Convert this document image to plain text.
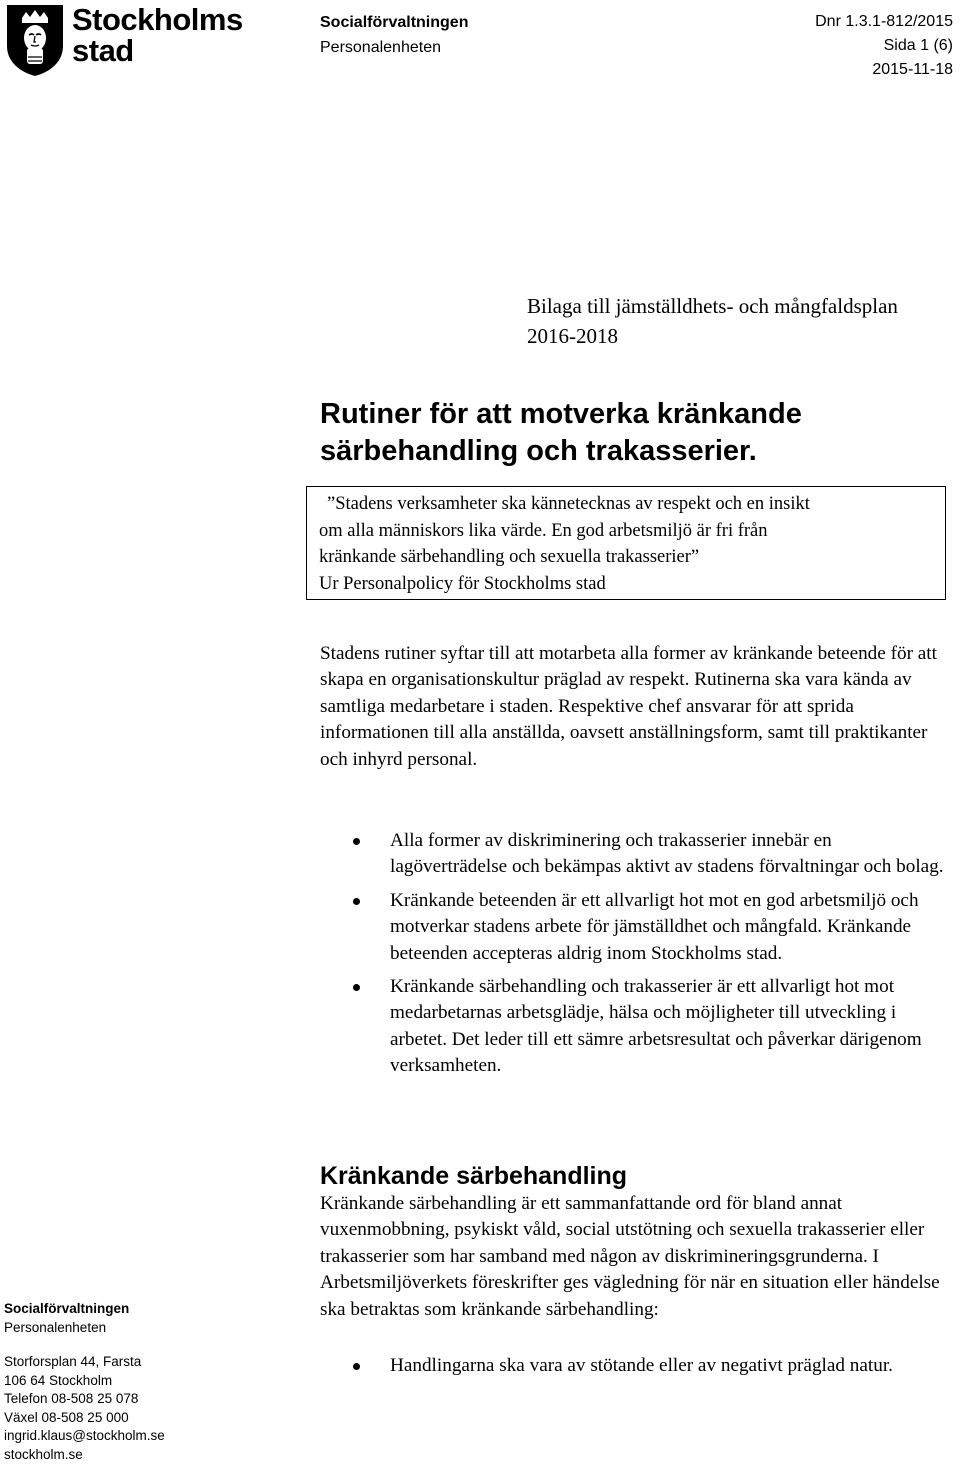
Stockholms
stad
Socialförvaltningen
Personalenheten
Dnr 1.3.1-812/2015
Sida 1 (6)
2015-11-18
Bilaga till jämställdhets- och mångfaldsplan
2016-2018
Rutiner för att motverka kränkande
särbehandling och trakasserier.
”Stadens verksamheter ska kännetecknas av respekt och en insikt
om alla människors lika värde. En god arbetsmiljö är fri från
kränkande särbehandling och sexuella trakasserier”
Ur Personalpolicy för Stockholms stad

Stadens rutiner syftar till att motarbeta alla former av kränkande beteende för att skapa en organisationskultur präglad av respekt. Rutinerna ska vara kända av samtliga medarbetare i staden. Respektive chef ansvarar för att sprida informationen till alla anställda, oavsett anställningsform, samt till praktikanter och inhyrd personal.

Alla former av diskriminering och trakasserier innebär en lagöverträdelse och bekämpas aktivt av stadens förvaltningar och bolag.
Kränkande beteenden är ett allvarligt hot mot en god arbetsmiljö och motverkar stadens arbete för jämställdhet och mångfald. Kränkande beteenden accepteras aldrig inom Stockholms stad.
Kränkande särbehandling och trakasserier är ett allvarligt hot mot medarbetarnas arbetsglädje, hälsa och möjligheter till utveckling i arbetet. Det leder till ett sämre arbetsresultat och påverkar därigenom verksamheten.
Kränkande särbehandling

Kränkande särbehandling är ett sammanfattande ord för bland annat vuxenmobbning, psykiskt våld, social utstötning och sexuella trakasserier eller trakasserier som har samband med någon av diskrimineringsgrunderna. I Arbetsmiljöverkets föreskrifter ges vägledning för när en situation eller händelse ska betraktas som kränkande särbehandling:

Handlingarna ska vara av stötande eller av negativt präglad natur.
Socialförvaltningen
Personalenheten
Storforsplan 44, Farsta
106 64 Stockholm
Telefon 08-508 25 078
Växel 08-508 25 000
ingrid.klaus@stockholm.se
stockholm.se
